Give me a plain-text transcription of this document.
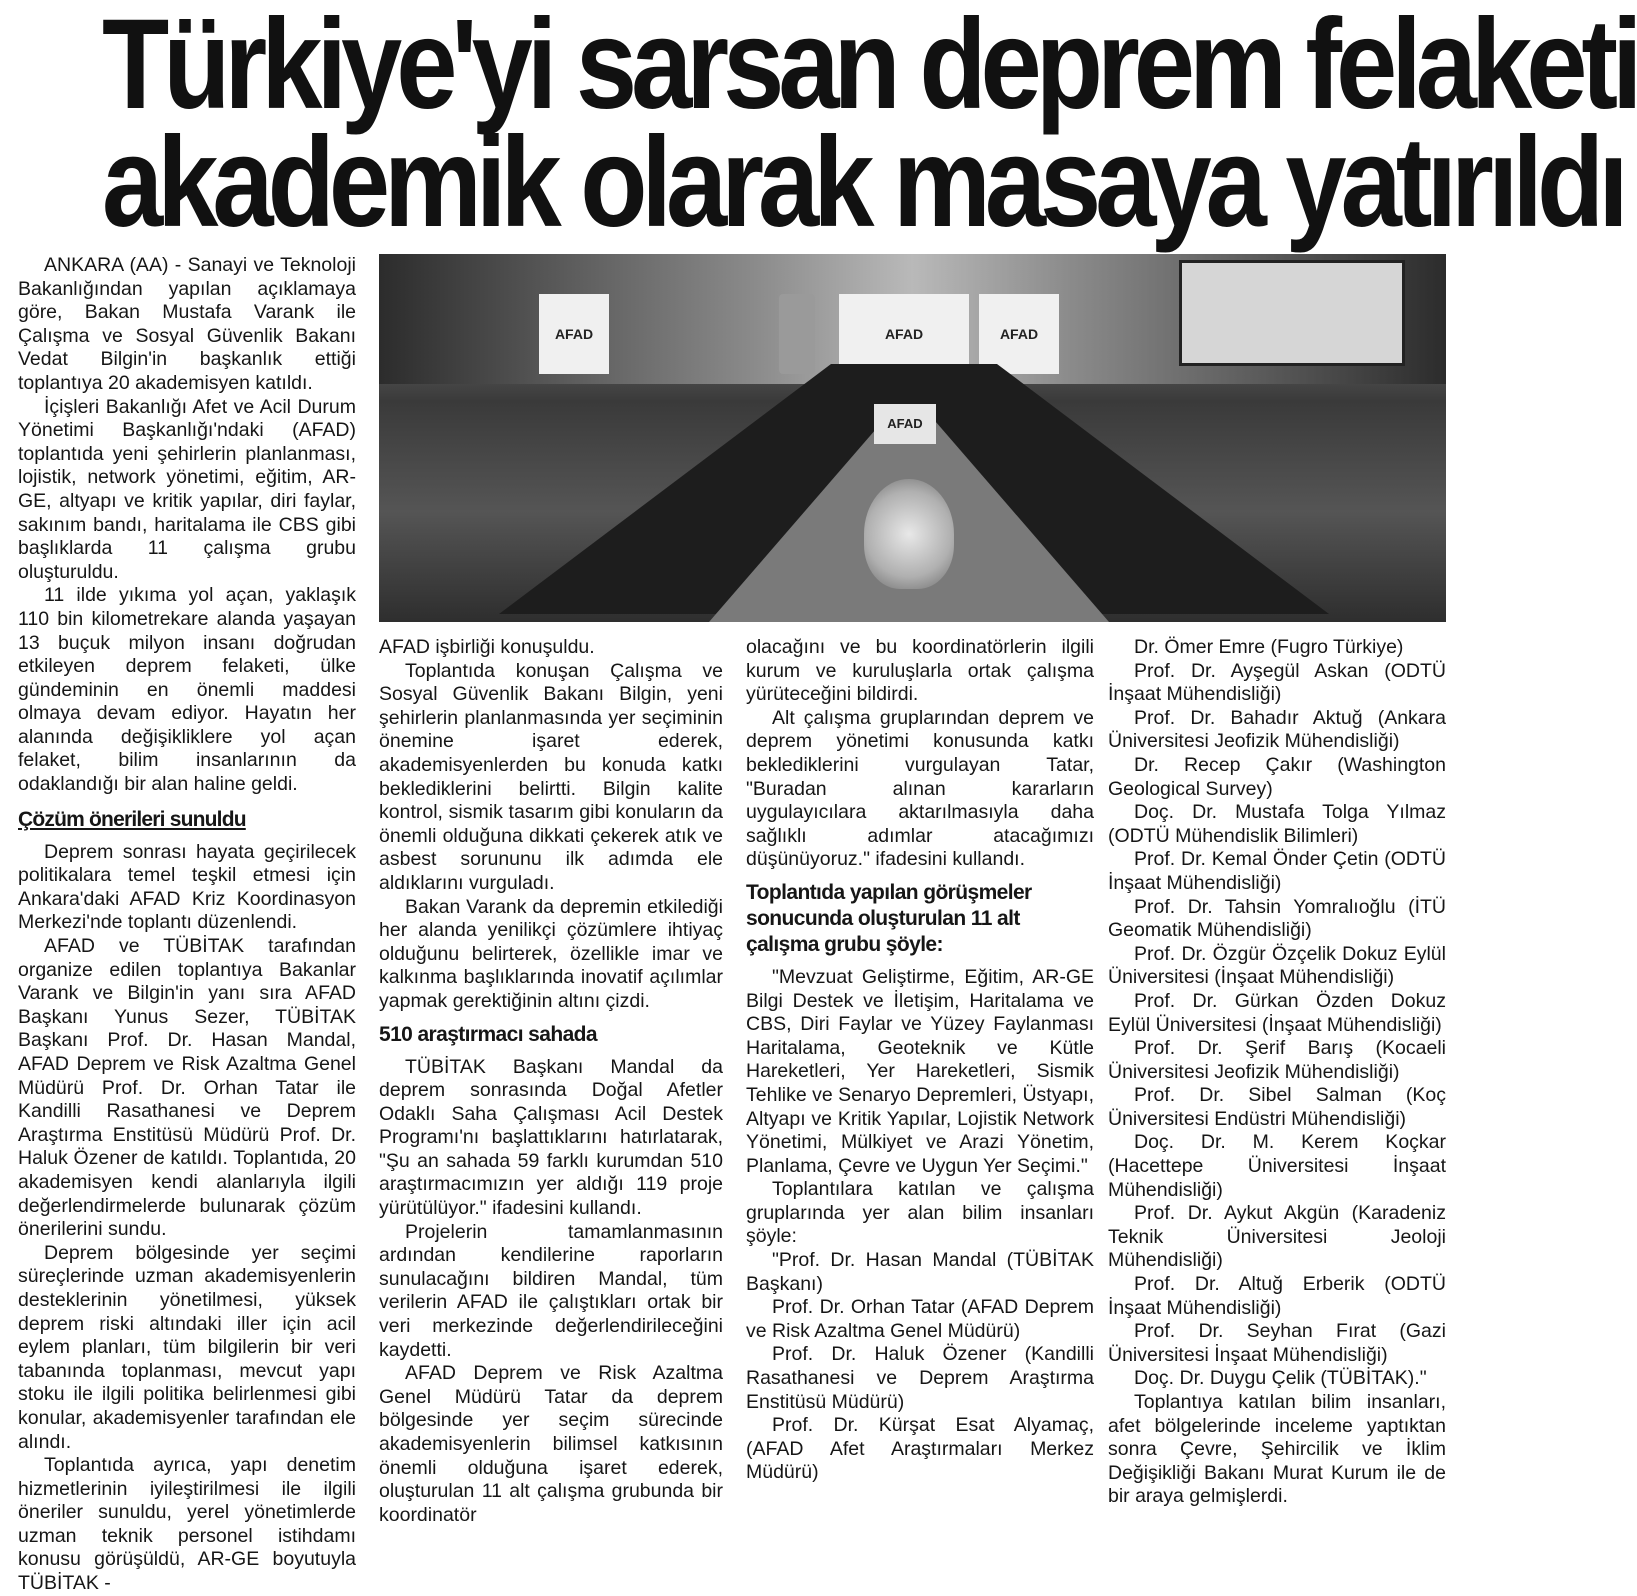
Türkiye'yi sarsan deprem felaketi
akademik olarak masaya yatırıldı
AFAD	AFAD	AFAD
AFAD

ANKARA (AA) - Sanayi ve Teknoloji Bakanlığından yapılan açıklamaya göre, Bakan Mustafa Varank ile Çalışma ve Sosyal Güvenlik Bakanı Vedat Bilgin'in başkanlık ettiği toplantıya 20 akademisyen katıldı.

İçişleri Bakanlığı Afet ve Acil Durum Yönetimi Başkanlığı'ndaki (AFAD) toplantıda yeni şehirlerin planlanması, lojistik, network yönetimi, eğitim, AR-GE, altyapı ve kritik yapılar, diri faylar, sakınım bandı, haritalama ile CBS gibi başlıklarda 11 çalışma grubu oluşturuldu.

11 ilde yıkıma yol açan, yaklaşık 110 bin kilometrekare alanda yaşayan 13 buçuk milyon insanı doğrudan etkileyen deprem felaketi, ülke gündeminin en önemli maddesi olmaya devam ediyor. Hayatın her alanında değişikliklere yol açan felaket, bilim insanlarının da odaklandığı bir alan haline geldi.

Çözüm önerileri sunuldu

Deprem sonrası hayata geçirilecek politikalara temel teşkil etmesi için Ankara'daki AFAD Kriz Koordinasyon Merkezi'nde toplantı düzenlendi.

AFAD ve TÜBİTAK tarafından organize edilen toplantıya Bakanlar Varank ve Bilgin'in yanı sıra AFAD Başkanı Yunus Sezer, TÜBİTAK Başkanı Prof. Dr. Hasan Mandal, AFAD Deprem ve Risk Azaltma Genel Müdürü Prof. Dr. Orhan Tatar ile Kandilli Rasathanesi ve Deprem Araştırma Enstitüsü Müdürü Prof. Dr. Haluk Özener de katıldı. Toplantıda, 20 akademisyen kendi alanlarıyla ilgili değerlendirmelerde bulunarak çözüm önerilerini sundu.

Deprem bölgesinde yer seçimi süreçlerinde uzman akademisyenlerin desteklerinin yönetilmesi, yüksek deprem riski altındaki iller için acil eylem planları, tüm bilgilerin bir veri tabanında toplanması, mevcut yapı stoku ile ilgili politika belirlenmesi gibi konular, akademisyenler tarafından ele alındı.

Toplantıda ayrıca, yapı denetim hizmetlerinin iyileştirilmesi ile ilgili öneriler sunuldu, yerel yönetimlerde uzman teknik personel istihdamı konusu görüşüldü, AR-GE boyutuyla TÜBİTAK -

AFAD işbirliği konuşuldu.

Toplantıda konuşan Çalışma ve Sosyal Güvenlik Bakanı Bilgin, yeni şehirlerin planlanmasında yer seçiminin önemine işaret ederek, akademisyenlerden bu konuda katkı beklediklerini belirtti. Bilgin kalite kontrol, sismik tasarım gibi konuların da önemli olduğuna dikkati çekerek atık ve asbest sorununu ilk adımda ele aldıklarını vurguladı.

Bakan Varank da depremin etkilediği her alanda yenilikçi çözümlere ihtiyaç olduğunu belirterek, özellikle imar ve kalkınma başlıklarında inovatif açılımlar yapmak gerektiğinin altını çizdi.

510 araştırmacı sahada

TÜBİTAK Başkanı Mandal da deprem sonrasında Doğal Afetler Odaklı Saha Çalışması Acil Destek Programı'nı başlattıklarını hatırlatarak, "Şu an sahada 59 farklı kurumdan 510 araştırmacımızın yer aldığı 119 proje yürütülüyor." ifadesini kullandı.

Projelerin tamamlanmasının ardından kendilerine raporların sunulacağını bildiren Mandal, tüm verilerin AFAD ile çalıştıkları ortak bir veri merkezinde değerlendirileceğini kaydetti.

AFAD Deprem ve Risk Azaltma Genel Müdürü Tatar da deprem bölgesinde yer seçim sürecinde akademisyenlerin bilimsel katkısının önemli olduğuna işaret ederek, oluşturulan 11 alt çalışma grubunda bir koordinatör

olacağını ve bu koordinatörlerin ilgili kurum ve kuruluşlarla ortak çalışma yürüteceğini bildirdi.

Alt çalışma gruplarından deprem ve deprem yönetimi konusunda katkı beklediklerini vurgulayan Tatar, "Buradan alınan kararların uygulayıcılara aktarılmasıyla daha sağlıklı adımlar atacağımızı düşünüyoruz." ifadesini kullandı.

Toplantıda yapılan görüşmeler sonucunda oluşturulan 11 alt çalışma grubu şöyle:

"Mevzuat Geliştirme, Eğitim, AR-GE Bilgi Destek ve İletişim, Haritalama ve CBS, Diri Faylar ve Yüzey Faylanması Haritalama, Geoteknik ve Kütle Hareketleri, Yer Hareketleri, Sismik Tehlike ve Senaryo Depremleri, Üstyapı, Altyapı ve Kritik Yapılar, Lojistik Network Yönetimi, Mülkiyet ve Arazi Yönetim, Planlama, Çevre ve Uygun Yer Seçimi."

Toplantılara katılan ve çalışma gruplarında yer alan bilim insanları şöyle:

"Prof. Dr. Hasan Mandal (TÜBİTAK Başkanı)

Prof. Dr. Orhan Tatar (AFAD Deprem ve Risk Azaltma Genel Müdürü)

Prof. Dr. Haluk Özener (Kandilli Rasathanesi ve Deprem Araştırma Enstitüsü Müdürü)

Prof. Dr. Kürşat Esat Alyamaç, (AFAD Afet Araştırmaları Merkez Müdürü)

Dr. Ömer Emre (Fugro Türkiye)

Prof. Dr. Ayşegül Askan (ODTÜ İnşaat Mühendisliği)

Prof. Dr. Bahadır Aktuğ (Ankara Üniversitesi Jeofizik Mühendisliği)

Dr. Recep Çakır (Washington Geological Survey)

Doç. Dr. Mustafa Tolga Yılmaz (ODTÜ Mühendislik Bilimleri)

Prof. Dr. Kemal Önder Çetin (ODTÜ İnşaat Mühendisliği)

Prof. Dr. Tahsin Yomralıoğlu (İTÜ Geomatik Mühendisliği)

Prof. Dr. Özgür Özçelik Dokuz Eylül Üniversitesi (İnşaat Mühendisliği)

Prof. Dr. Gürkan Özden Dokuz Eylül Üniversitesi (İnşaat Mühendisliği)

Prof. Dr. Şerif Barış (Kocaeli Üniversitesi Jeofizik Mühendisliği)

Prof. Dr. Sibel Salman (Koç Üniversitesi Endüstri Mühendisliği)

Doç. Dr. M. Kerem Koçkar (Hacettepe Üniversitesi İnşaat Mühendisliği)

Prof. Dr. Aykut Akgün (Karadeniz Teknik Üniversitesi Jeoloji Mühendisliği)

Prof. Dr. Altuğ Erberik (ODTÜ İnşaat Mühendisliği)

Prof. Dr. Seyhan Fırat (Gazi Üniversitesi İnşaat Mühendisliği)

Doç. Dr. Duygu Çelik (TÜBİTAK)."

Toplantıya katılan bilim insanları, afet bölgelerinde inceleme yaptıktan sonra Çevre, Şehircilik ve İklim Değişikliği Bakanı Murat Kurum ile de bir araya gelmişlerdi.
